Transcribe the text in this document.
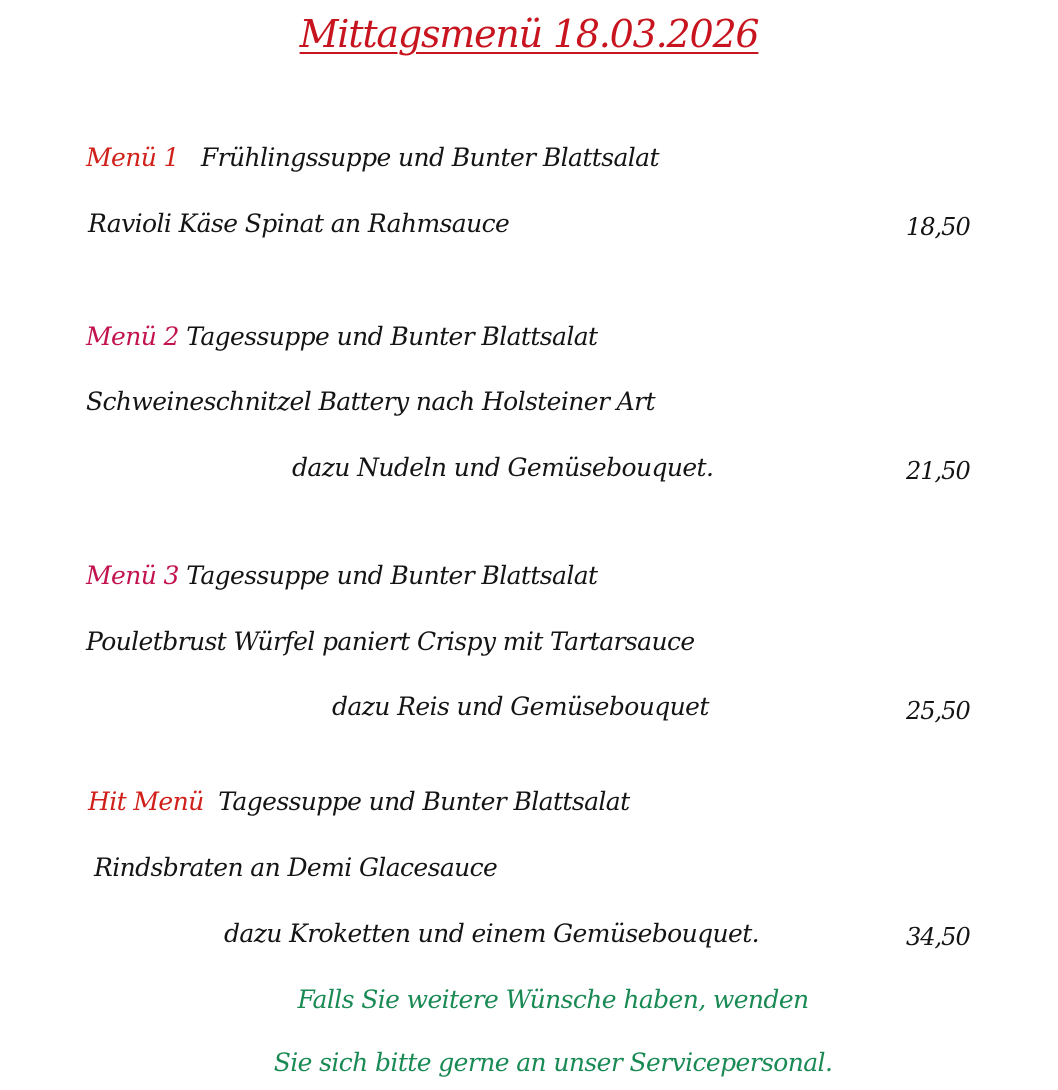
Mittagsmenü 18.03.2026
Menü 1 Frühlingssuppe und Bunter Blattsalat
Ravioli Käse Spinat an Rahmsauce	18,50
Menü 2 Tagessuppe und Bunter Blattsalat
Schweineschnitzel Battery nach Holsteiner Art
dazu Nudeln und Gemüsebouquet.	21,50
Menü 3 Tagessuppe und Bunter Blattsalat
Pouletbrust Würfel paniert Crispy mit Tartarsauce
dazu Reis und Gemüsebouquet	25,50
Hit Menü Tagessuppe und Bunter Blattsalat
Rindsbraten an Demi Glacesauce
dazu Kroketten und einem Gemüsebouquet.	34,50
Falls Sie weitere Wünsche haben, wenden
Sie sich bitte gerne an unser Servicepersonal.
